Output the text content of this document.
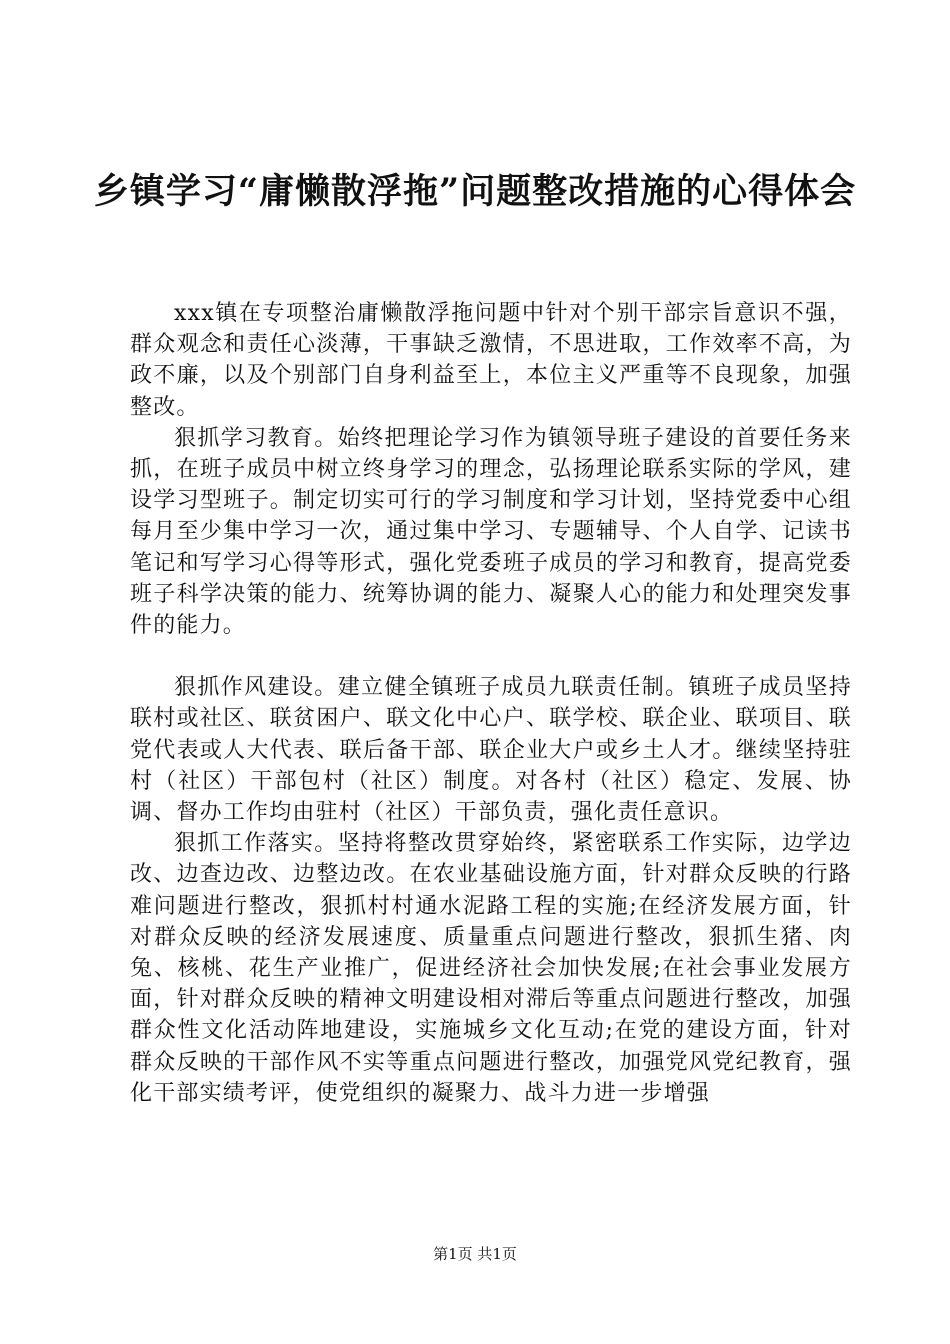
乡镇学习“庸懒散浮拖”问题整改措施的心得体会

xxx镇在专项整治庸懒散浮拖问题中针对个别干部宗旨意识不强，群众观念和责任心淡薄，干事缺乏激情，不思进取，工作效率不高，为政不廉，以及个别部门自身利益至上，本位主义严重等不良现象，加强整改。

狠抓学习教育。始终把理论学习作为镇领导班子建设的首要任务来抓，在班子成员中树立终身学习的理念，弘扬理论联系实际的学风，建设学习型班子。制定切实可行的学习制度和学习计划，坚持党委中心组每月至少集中学习一次，通过集中学习、专题辅导、个人自学、记读书笔记和写学习心得等形式，强化党委班子成员的学习和教育，提高党委班子科学决策的能力、统筹协调的能力、凝聚人心的能力和处理突发事件的能力。

狠抓作风建设。建立健全镇班子成员九联责任制。镇班子成员坚持联村或社区、联贫困户、联文化中心户、联学校、联企业、联项目、联党代表或人大代表、联后备干部、联企业大户或乡土人才。继续坚持驻村（社区）干部包村（社区）制度。对各村（社区）稳定、发展、协调、督办工作均由驻村（社区）干部负责，强化责任意识。

狠抓工作落实。坚持将整改贯穿始终，紧密联系工作实际，边学边改、边查边改、边整边改。在农业基础设施方面，针对群众反映的行路难问题进行整改，狠抓村村通水泥路工程的实施;在经济发展方面，针对群众反映的经济发展速度、质量重点问题进行整改，狠抓生猪、肉兔、核桃、花生产业推广，促进经济社会加快发展;在社会事业发展方面，针对群众反映的精神文明建设相对滞后等重点问题进行整改，加强群众性文化活动阵地建设，实施城乡文化互动;在党的建设方面，针对群众反映的干部作风不实等重点问题进行整改，加强党风党纪教育，强化干部实绩考评，使党组织的凝聚力、战斗力进一步增强

第1页 共1页
